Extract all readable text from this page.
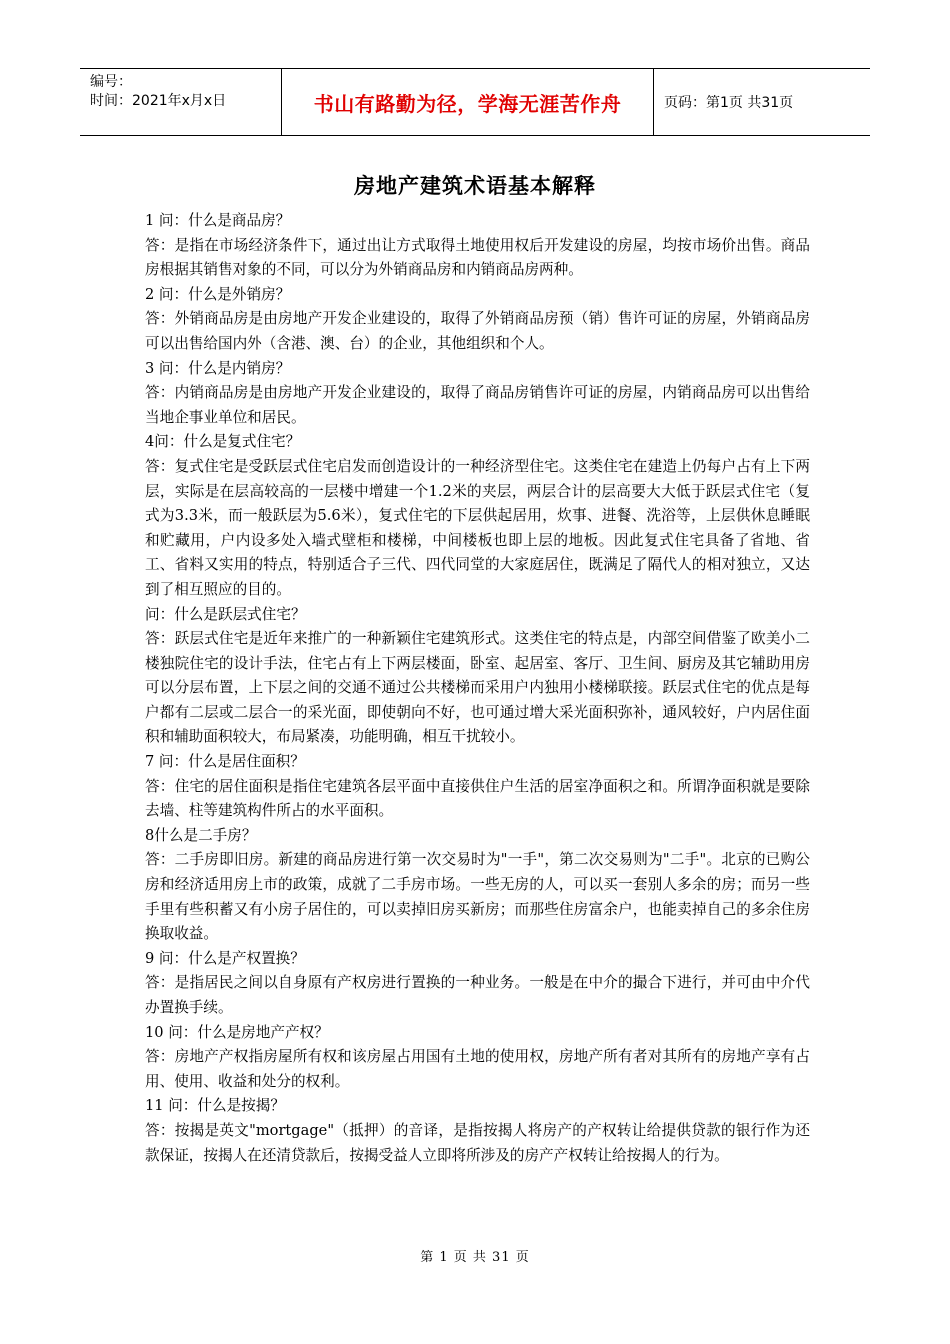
编号：
时间：2021年x月x日	书山有路勤为径，学海无涯苦作舟	页码：第1页 共31页
房地产建筑术语基本解释

1 问：什么是商品房？

答：是指在市场经济条件下，通过出让方式取得土地使用权后开发建设的房屋，均按市场价出售。商品房根据其销售对象的不同，可以分为外销商品房和内销商品房两种。

2 问：什么是外销房？

答：外销商品房是由房地产开发企业建设的，取得了外销商品房预（销）售许可证的房屋，外销商品房可以出售给国内外（含港、澳、台）的企业，其他组织和个人。

3 问：什么是内销房？

答：内销商品房是由房地产开发企业建设的，取得了商品房销售许可证的房屋，内销商品房可以出售给当地企事业单位和居民。

4问：什么是复式住宅？

答：复式住宅是受跃层式住宅启发而创造设计的一种经济型住宅。这类住宅在建造上仍每户占有上下两层，实际是在层高较高的一层楼中增建一个1.2米的夹层，两层合计的层高要大大低于跃层式住宅（复式为3.3米，而一般跃层为5.6米），复式住宅的下层供起居用，炊事、进餐、洗浴等，上层供休息睡眠和贮藏用，户内设多处入墙式壁柜和楼梯，中间楼板也即上层的地板。因此复式住宅具备了省地、省工、省料又实用的特点，特别适合子三代、四代同堂的大家庭居住，既满足了隔代人的相对独立，又达到了相互照应的目的。

问：什么是跃层式住宅？

答：跃层式住宅是近年来推广的一种新颖住宅建筑形式。这类住宅的特点是，内部空间借鉴了欧美小二楼独院住宅的设计手法，住宅占有上下两层楼面，卧室、起居室、客厅、卫生间、厨房及其它辅助用房可以分层布置，上下层之间的交通不通过公共楼梯而采用户内独用小楼梯联接。跃层式住宅的优点是每户都有二层或二层合一的采光面，即使朝向不好，也可通过增大采光面积弥补，通风较好，户内居住面积和辅助面积较大，布局紧凑，功能明确，相互干扰较小。

7 问：什么是居住面积？

答：住宅的居住面积是指住宅建筑各层平面中直接供住户生活的居室净面积之和。所谓净面积就是要除去墙、柱等建筑构件所占的水平面积。

8什么是二手房？

答：二手房即旧房。新建的商品房进行第一次交易时为"一手"，第二次交易则为"二手"。北京的已购公房和经济适用房上市的政策，成就了二手房市场。一些无房的人，可以买一套别人多余的房；而另一些手里有些积蓄又有小房子居住的，可以卖掉旧房买新房；而那些住房富余户，也能卖掉自己的多余住房换取收益。

9 问：什么是产权置换？

答：是指居民之间以自身原有产权房进行置换的一种业务。一般是在中介的撮合下进行，并可由中介代办置换手续。

10 问：什么是房地产产权？

答：房地产产权指房屋所有权和该房屋占用国有土地的使用权，房地产所有者对其所有的房地产享有占用、使用、收益和处分的权利。

11 问：什么是按揭？

答：按揭是英文"mortgage"（抵押）的音译，是指按揭人将房产的产权转让给提供贷款的银行作为还款保证，按揭人在还清贷款后，按揭受益人立即将所涉及的房产产权转让给按揭人的行为。

第 1 页 共 31 页
